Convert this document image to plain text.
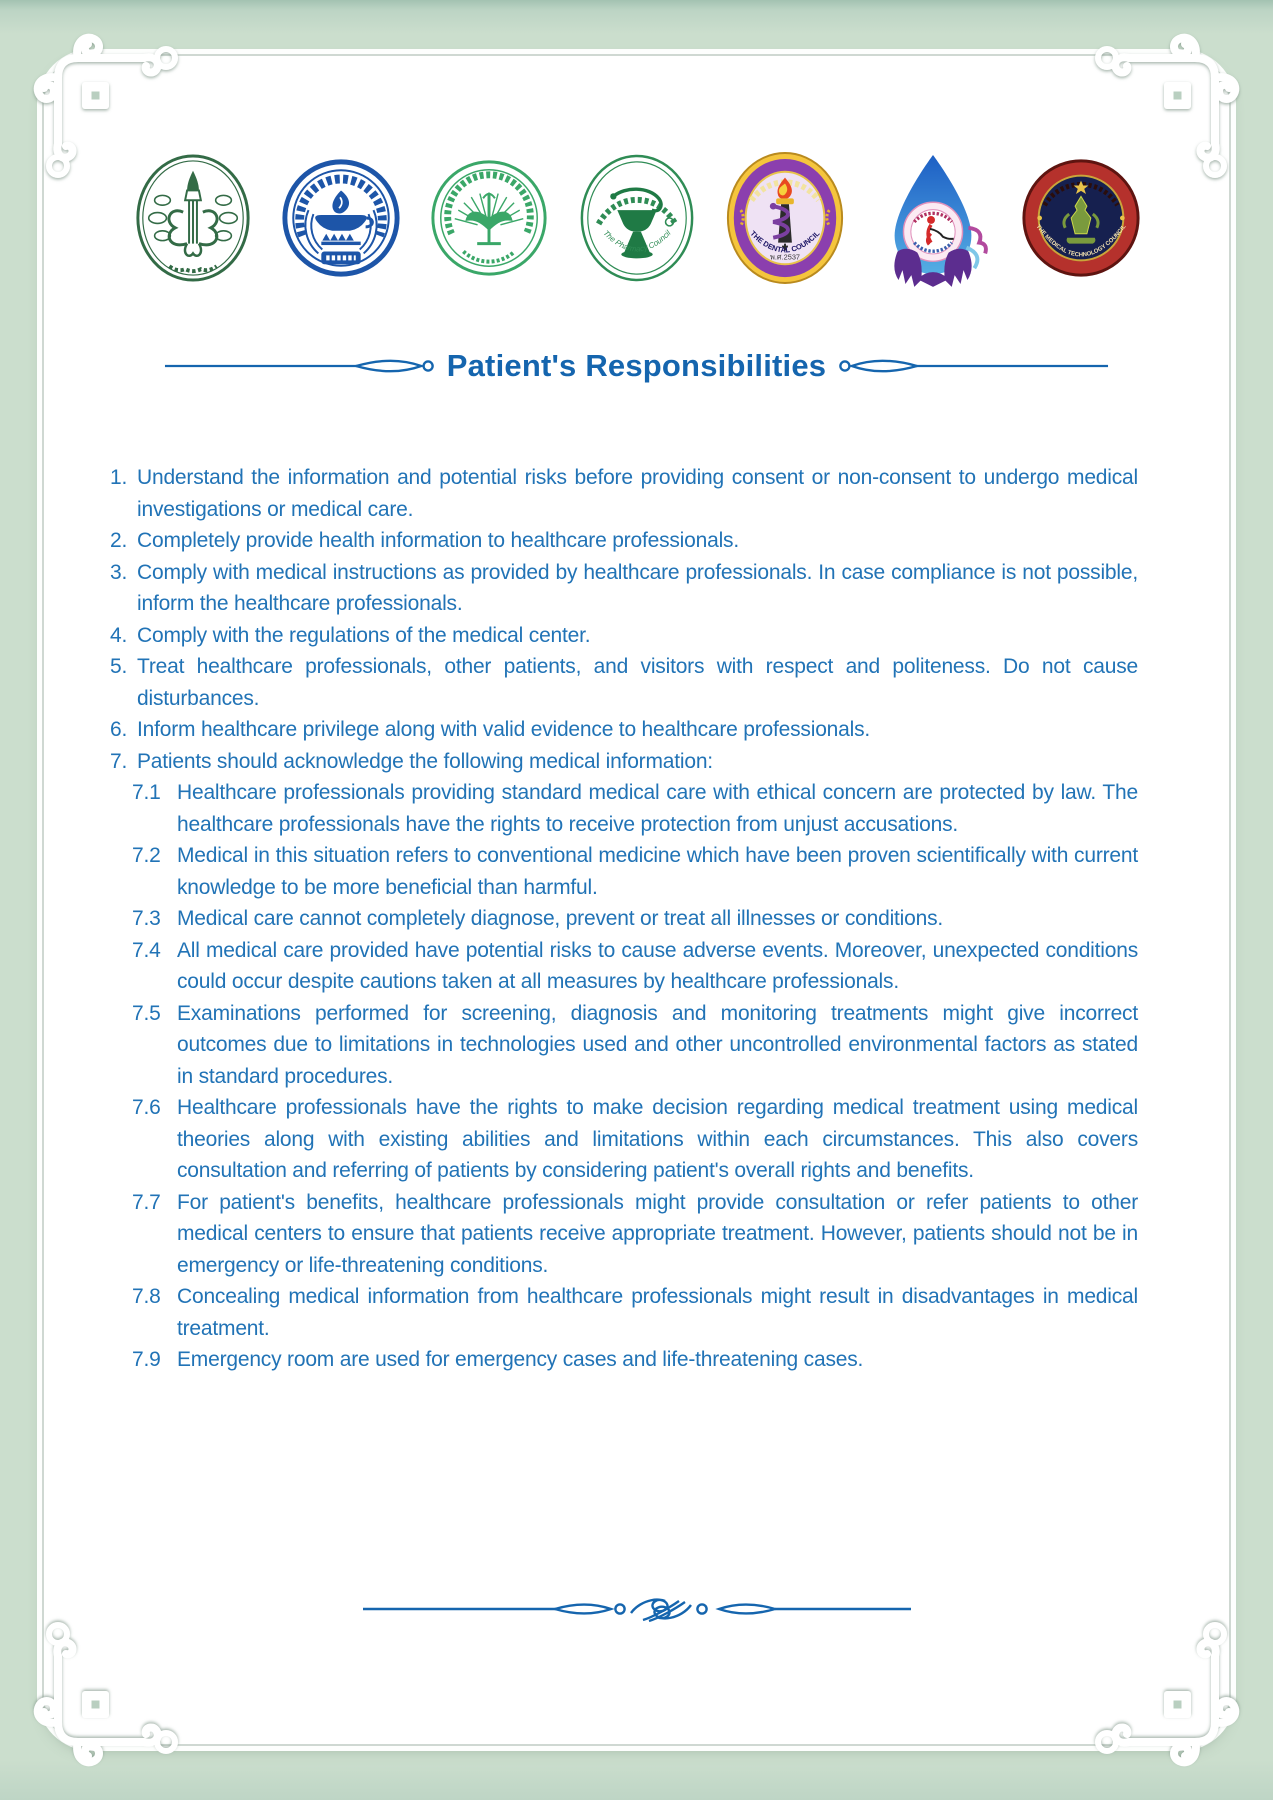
The Pharmacy Council
พ.ศ.2537
THE DENTAL COUNCIL
THE MEDICAL TECHNOLOGY COUNCIL
Patient's Responsibilities
1. Understand the information and potential risks before providing consent or non-consent to undergo medical investigations or medical care.
2. Completely provide health information to healthcare professionals.
3. Comply with medical instructions as provided by healthcare professionals. In case compliance is not possible, inform the healthcare professionals.
4. Comply with the regulations of the medical center.
5. Treat healthcare professionals, other patients, and visitors with respect and politeness. Do not cause disturbances.
6. Inform healthcare privilege along with valid evidence to healthcare professionals.
7. Patients should acknowledge the following medical information:
7.1 Healthcare professionals providing standard medical care with ethical concern are protected by law. The healthcare professionals have the rights to receive protection from unjust accusations.
7.2 Medical in this situation refers to conventional medicine which have been proven scientifically with current knowledge to be more beneficial than harmful.
7.3 Medical care cannot completely diagnose, prevent or treat all illnesses or conditions.
7.4 All medical care provided have potential risks to cause adverse events. Moreover, unexpected conditions could occur despite cautions taken at all measures by healthcare professionals.
7.5 Examinations performed for screening, diagnosis and monitoring treatments might give incorrect outcomes due to limitations in technologies used and other uncontrolled environmental factors as stated in standard procedures.
7.6 Healthcare professionals have the rights to make decision regarding medical treatment using medical theories along with existing abilities and limitations within each circumstances. This also covers consultation and referring of patients by considering patient's overall rights and benefits.
7.7 For patient's benefits, healthcare professionals might provide consultation or refer patients to other medical centers to ensure that patients receive appropriate treatment. However, patients should not be in emergency or life-threatening conditions.
7.8 Concealing medical information from healthcare professionals might result in disadvantages in medical treatment.
7.9 Emergency room are used for emergency cases and life-threatening cases.
